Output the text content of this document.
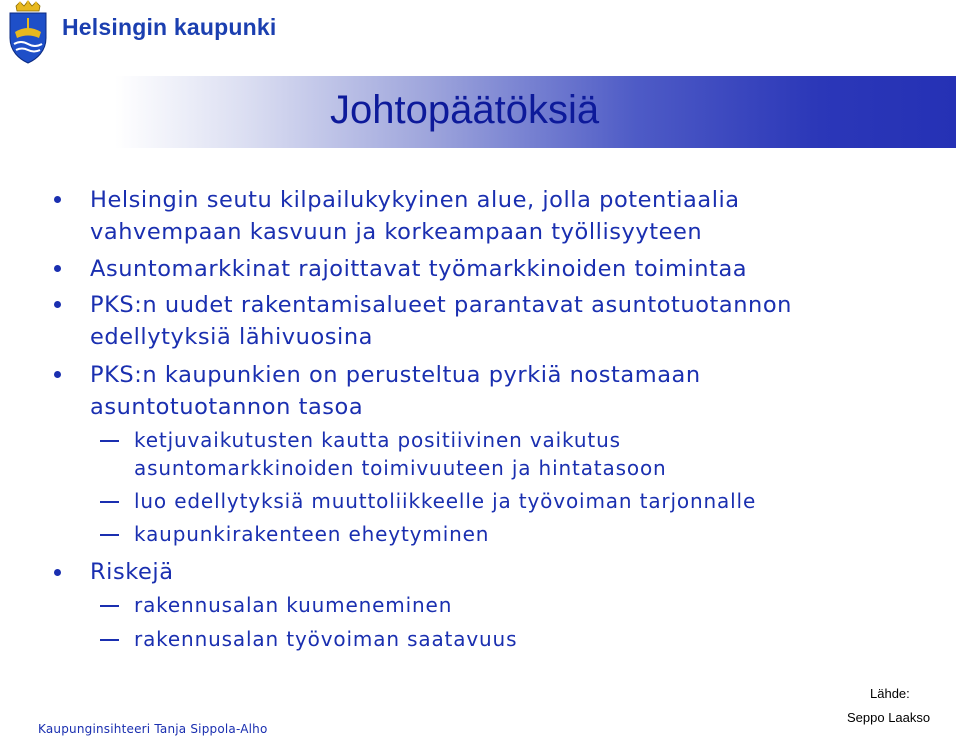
Helsingin kaupunki
Johtopäätöksiä
Helsingin seutu kilpailukykyinen alue, jolla potentiaalia
vahvempaan kasvuun ja korkeampaan työllisyyteen
Asuntomarkkinat rajoittavat työmarkkinoiden toimintaa
PKS:n uudet rakentamisalueet parantavat asuntotuotannon
edellytyksiä lähivuosina
PKS:n kaupunkien on perusteltua pyrkiä nostamaan
asuntotuotannon tasoa
ketjuvaikutusten kautta positiivinen vaikutus
asuntomarkkinoiden toimivuuteen ja hintatasoon
luo edellytyksiä muuttoliikkeelle ja työvoiman tarjonnalle
kaupunkirakenteen eheytyminen
Riskejä
rakennusalan kuumeneminen
rakennusalan työvoiman saatavuus
Kaupunginsihteeri Tanja Sippola-Alho
Lähde:
Seppo Laakso
